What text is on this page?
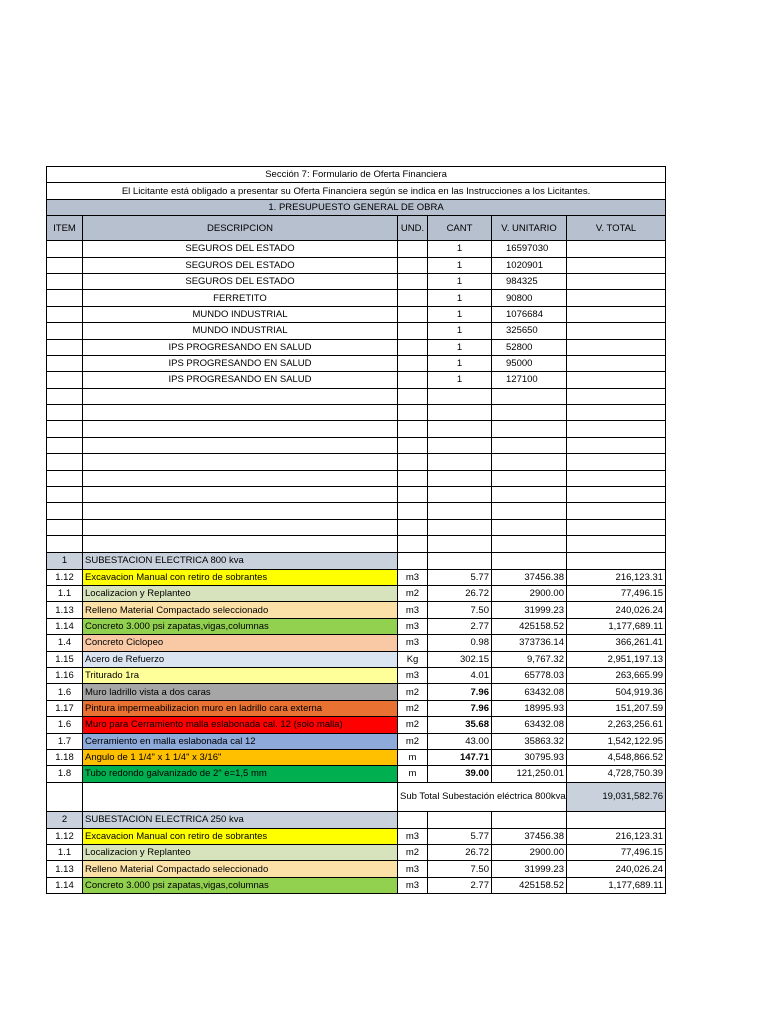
Sección 7: Formulario de Oferta Financiera					
El Licitante está obligado a presentar su Oferta Financiera según se indica en las Instrucciones a los Licitantes.					
1. PRESUPUESTO GENERAL DE OBRA					
ITEM	DESCRIPCION	UND.	CANT	V. UNITARIO	V. TOTAL
	SEGUROS DEL ESTADO		1	16597030	
	SEGUROS DEL ESTADO		1	1020901	
	SEGUROS DEL ESTADO		1	984325	
	FERRETITO		1	90800	
	MUNDO INDUSTRIAL		1	1076684	
	MUNDO INDUSTRIAL		1	325650	
	IPS PROGRESANDO EN SALUD		1	52800	
	IPS PROGRESANDO EN SALUD		1	95000	
	IPS PROGRESANDO EN SALUD		1	127100	

1	SUBESTACION ELECTRICA 800 kva				
1.12	Excavacion Manual con retiro de sobrantes	m3	5.77	37456.38	216,123.31
1.1	Localizacion y Replanteo	m2	26.72	2900.00	77,496.15
1.13	Relleno Material Compactado seleccionado	m3	7.50	31999.23	240,026.24
1.14	Concreto 3.000 psi zapatas,vigas,columnas	m3	2.77	425158.52	1,177,689.11
1.4	Concreto Ciclopeo	m3	0.98	373736.14	366,261.41
1.15	Acero de Refuerzo	Kg	302.15	9,767.32	2,951,197.13
1.16	Triturado 1ra	m3	4.01	65778.03	263,665.99
1.6	Muro ladrillo vista a dos caras	m2	7.96	63432.08	504,919.36
1.17	Pintura impermeabilizacion muro en ladrillo cara externa	m2	7.96	18995.93	151,207.59
1.6	Muro para Cerramiento malla eslabonada cal. 12 (solo malla)	m2	35.68	63432.08	2,263,256.61
1.7	Cerramiento en malla eslabonada cal 12	m2	43.00	35863.32	1,542,122.95
1.18	Angulo de 1 1/4" x 1 1/4" x 3/16"	m	147.71	30795.93	4,548,866.52
1.8	Tubo redondo galvanizado de 2" e=1,5 mm	m	39.00	121,250.01	4,728,750.39
		Sub Total Subestación eléctrica 800kva			19,031,582.76
2	SUBESTACION ELECTRICA 250 kva				
1.12	Excavacion Manual con retiro de sobrantes	m3	5.77	37456.38	216,123.31
1.1	Localizacion y Replanteo	m2	26.72	2900.00	77,496.15
1.13	Relleno Material Compactado seleccionado	m3	7.50	31999.23	240,026.24
1.14	Concreto 3.000 psi zapatas,vigas,columnas	m3	2.77	425158.52	1,177,689.11
